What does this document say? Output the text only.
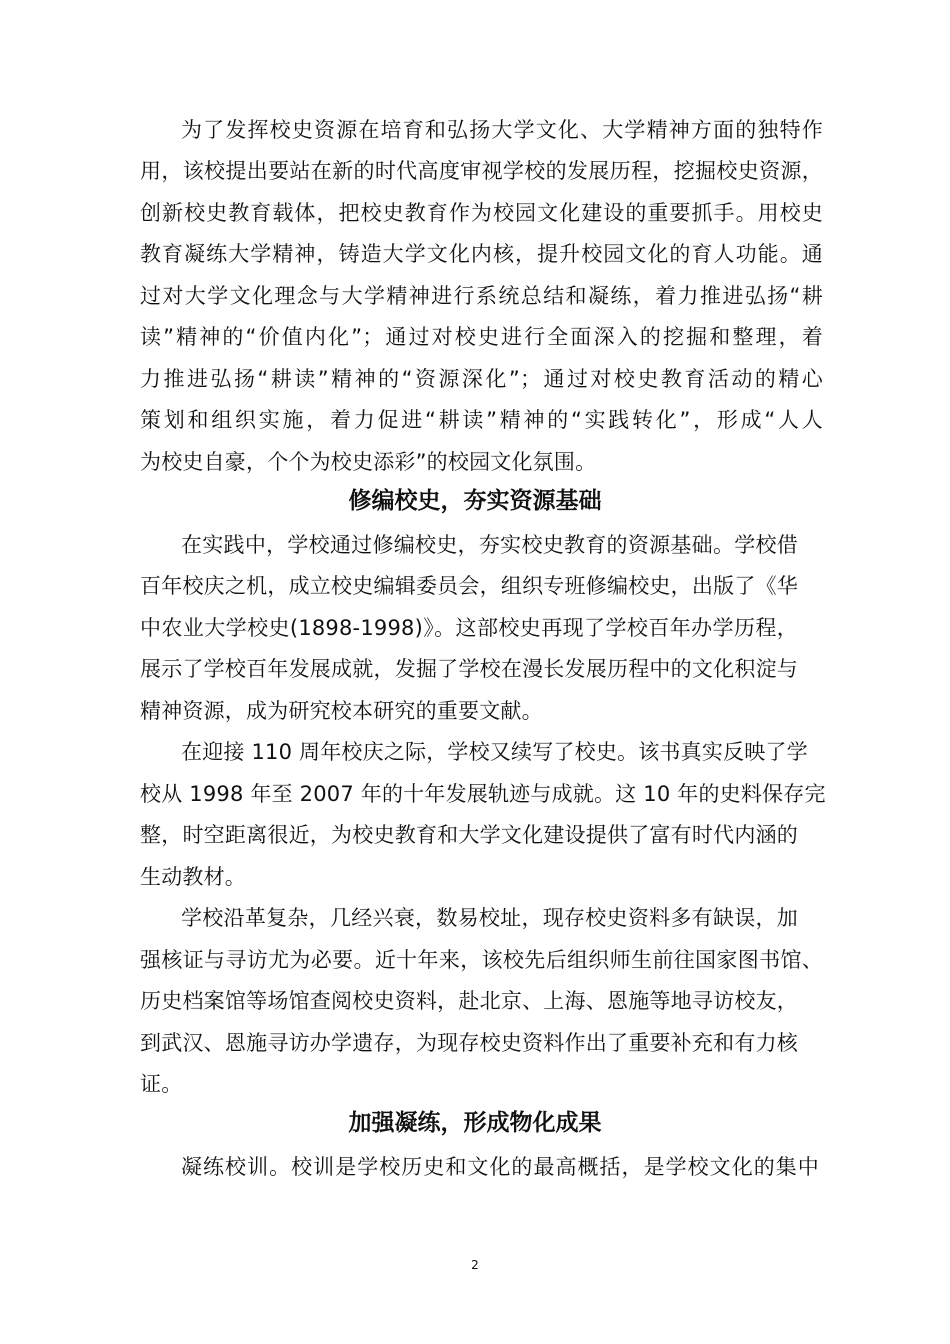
为了发挥校史资源在培育和弘扬大学文化、大学精神方面的独特作
用，该校提出要站在新的时代高度审视学校的发展历程，挖掘校史资源，
创新校史教育载体，把校史教育作为校园文化建设的重要抓手。用校史
教育凝练大学精神，铸造大学文化内核，提升校园文化的育人功能。通
过对大学文化理念与大学精神进行系统总结和凝练，着力推进弘扬“耕
读”精神的“价值内化”；通过对校史进行全面深入的挖掘和整理，着
力推进弘扬“耕读”精神的“资源深化”；通过对校史教育活动的精心
策划和组织实施，着力促进“耕读”精神的“实践转化”，形成“人人
为校史自豪，个个为校史添彩”的校园文化氛围。
修编校史，夯实资源基础
在实践中，学校通过修编校史，夯实校史教育的资源基础。学校借
百年校庆之机，成立校史编辑委员会，组织专班修编校史，出版了《华
中农业大学校史(1898-1998)》。这部校史再现了学校百年办学历程，
展示了学校百年发展成就，发掘了学校在漫长发展历程中的文化积淀与
精神资源，成为研究校本研究的重要文献。
在迎接 110 周年校庆之际，学校又续写了校史。该书真实反映了学
校从 1998 年至 2007 年的十年发展轨迹与成就。这 10 年的史料保存完
整，时空距离很近，为校史教育和大学文化建设提供了富有时代内涵的
生动教材。
学校沿革复杂，几经兴衰，数易校址，现存校史资料多有缺误，加
强核证与寻访尤为必要。近十年来，该校先后组织师生前往国家图书馆、
历史档案馆等场馆查阅校史资料，赴北京、上海、恩施等地寻访校友，
到武汉、恩施寻访办学遗存，为现存校史资料作出了重要补充和有力核
证。
加强凝练，形成物化成果
凝练校训。校训是学校历史和文化的最高概括，是学校文化的集中
2
